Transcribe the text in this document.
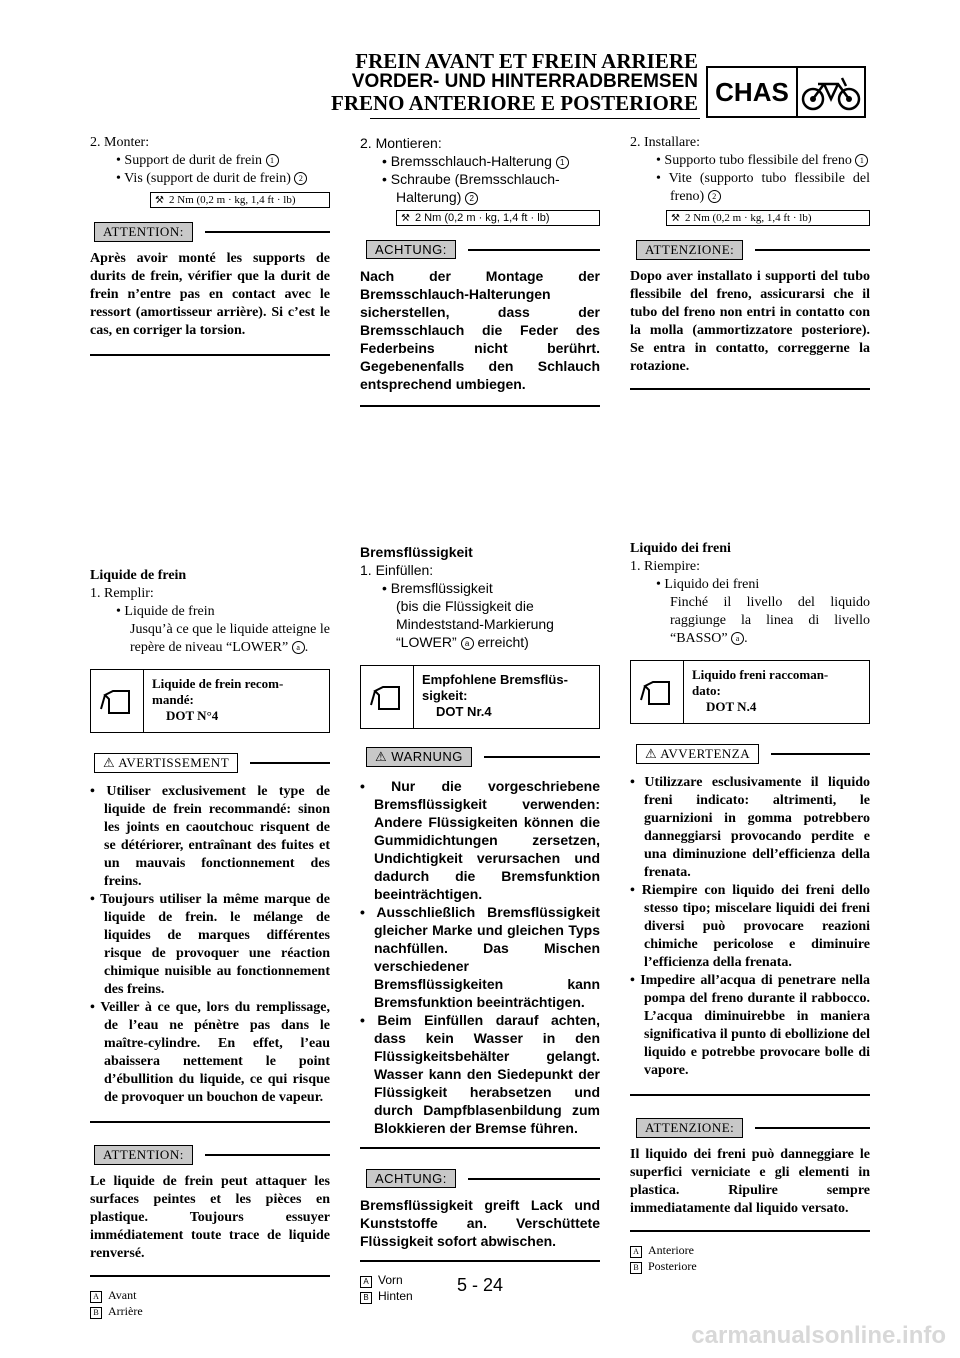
FREIN AVANT ET FREIN ARRIERE
VORDER- UND HINTERRADBREMSEN
FRENO ANTERIORE E POSTERIORE CHAS

2. Monter:

• Support de durit de frein 1

• Vis (support de durit de frein) 2

⚒ 2 Nm (0,2 m · kg, 1,4 ft · lb)
ATTENTION:

Après avoir monté les supports de durits de frein, vérifier que la durit de frein n’entre pas en contact avec le ressort (amortisseur arrière). Si c’est le cas, en corriger la torsion.

Liquide de frein

1. Remplir:

• Liquide de frein

Jusqu’à ce que le liquide atteigne le repère de niveau “LOWER” a .

Liquide de frein recom-
mandé:
DOT N°4
⚠ AVERTISSEMENT

• Utiliser exclusivement le type de liquide de frein recommandé: sinon les joints en caoutchouc risquent de se détériorer, entraînant des fuites et un mauvais fonctionnement des freins.

• Toujours utiliser la même marque de liquide de frein. le mélange de liquides de marques différentes risque de provoquer une réaction chimique nuisible au fonctionnement des freins.

• Veiller à ce que, lors du remplissage, de l’eau ne pénètre pas dans le maître-cylindre. En effet, l’eau abaissera nettement le point d’ébullition du liquide, ce qui risque de provoquer un bouchon de vapeur.

ATTENTION:

Le liquide de frein peut attaquer les surfaces peintes et les pièces en plastique. Toujours essuyer immédiatement toute trace de liquide renversé.

A Avant
B Arrière

2. Montieren:

• Bremsschlauch-Halterung 1

• Schraube (Bremsschlauch-Halterung) 2

⚒ 2 Nm (0,2 m · kg, 1,4 ft · lb)
ACHTUNG:

Nach der Montage der Bremsschlauch-Halterungen sicherstellen, dass der Bremsschlauch die Feder des Federbeins nicht berührt. Gegebenenfalls den Schlauch entsprechend umbiegen.

Bremsflüssigkeit

1. Einfüllen:

• Bremsflüssigkeit

(bis die Flüssigkeit die Mindeststand-Markierung “LOWER” a erreicht)

Empfohlene Bremsflüs-
sigkeit:
DOT Nr.4
⚠ WARNUNG

• Nur die vorgeschriebene Bremsflüssigkeit verwenden: Andere Flüssigkeiten können die Gummidichtungen zersetzen, Undichtigkeit verursachen und dadurch die Bremsfunktion beeinträchtigen.

• Ausschließlich Bremsflüssigkeit gleicher Marke und gleichen Typs nachfüllen. Das Mischen verschiedener Bremsflüssigkeiten kann Bremsfunktion beeinträchtigen.

• Beim Einfüllen darauf achten, dass kein Wasser in den Flüssigkeitsbehälter gelangt. Wasser kann den Siedepunkt der Flüssigkeit herabsetzen und durch Dampfblasenbildung zum Blokkieren der Bremse führen.

ACHTUNG:

Bremsflüssigkeit greift Lack und Kunststoffe an. Verschüttete Flüssigkeit sofort abwischen.

A Vorn
B Hinten

2. Installare:

• Supporto tubo flessibile del freno 1

• Vite (supporto tubo flessibile del freno) 2

⚒ 2 Nm (0,2 m · kg, 1,4 ft · lb)
ATTENZIONE:

Dopo aver installato i supporti del tubo flessibile del freno, assicurarsi che il tubo del freno non entri in contatto con la molla (ammortizzatore posteriore). Se entra in contatto, correggerne la rotazione.

Liquido dei freni

1. Riempire:

• Liquido dei freni

Finché il livello del liquido raggiunge la linea di livello “BASSO” a .

Liquido freni raccoman-
dato:
DOT N.4
⚠ AVVERTENZA

• Utilizzare esclusivamente il liquido freni indicato: altrimenti, le guarnizioni in gomma potrebbero danneggiarsi provocando perdite e una diminuzione dell’efficienza della frenata.

• Riempire con liquido dei freni dello stesso tipo; miscelare liquidi dei freni diversi può provocare reazioni chimiche pericolose e diminuire l’efficienza della frenata.

• Impedire all’acqua di penetrare nella pompa del freno durante il rabbocco. L’acqua diminuirebbe in maniera significativa il punto di ebollizione del liquido e potrebbe provocare bolle di vapore.

ATTENZIONE:

Il liquido dei freni può danneggiare le superfici verniciate e gli elementi in plastica. Ripulire sempre immediatamente dal liquido versato.

A Anteriore
B Posteriore
5 - 24
carmanualsonline.info
